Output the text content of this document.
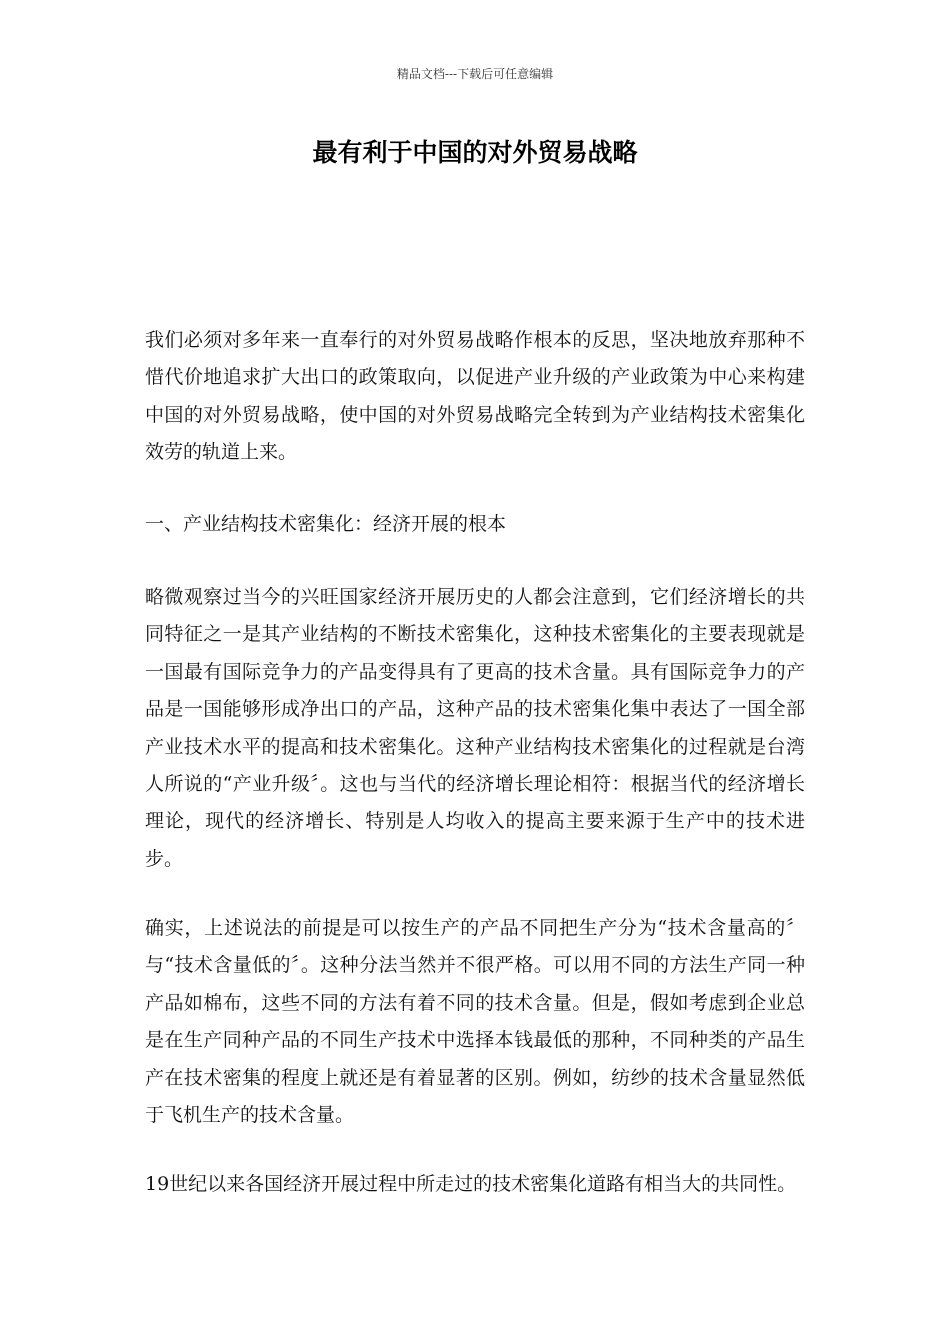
精品文档---下载后可任意编辑
最有利于中国的对外贸易战略

我们必须对多年来一直奉行的对外贸易战略作根本的反思，坚决地放弃那种不惜代价地追求扩大出口的政策取向，以促进产业升级的产业政策为中心来构建中国的对外贸易战略，使中国的对外贸易战略完全转到为产业结构技术密集化效劳的轨道上来。

一、产业结构技术密集化：经济开展的根本

略微观察过当今的兴旺国家经济开展历史的人都会注意到，它们经济增长的共同特征之一是其产业结构的不断技术密集化，这种技术密集化的主要表现就是一国最有国际竞争力的产品变得具有了更高的技术含量。具有国际竞争力的产品是一国能够形成净出口的产品，这种产品的技术密集化集中表达了一国全部产业技术水平的提高和技术密集化。这种产业结构技术密集化的过程就是台湾人所说的“产业升级〞。这也与当代的经济增长理论相符：根据当代的经济增长理论，现代的经济增长、特别是人均收入的提高主要来源于生产中的技术进步。

确实，上述说法的前提是可以按生产的产品不同把生产分为“技术含量高的〞与“技术含量低的〞。这种分法当然并不很严格。可以用不同的方法生产同一种产品如棉布，这些不同的方法有着不同的技术含量。但是，假如考虑到企业总是在生产同种产品的不同生产技术中选择本钱最低的那种，不同种类的产品生产在技术密集的程度上就还是有着显著的区别。例如，纺纱的技术含量显然低于飞机生产的技术含量。

19世纪以来各国经济开展过程中所走过的技术密集化道路有相当大的共同性。
